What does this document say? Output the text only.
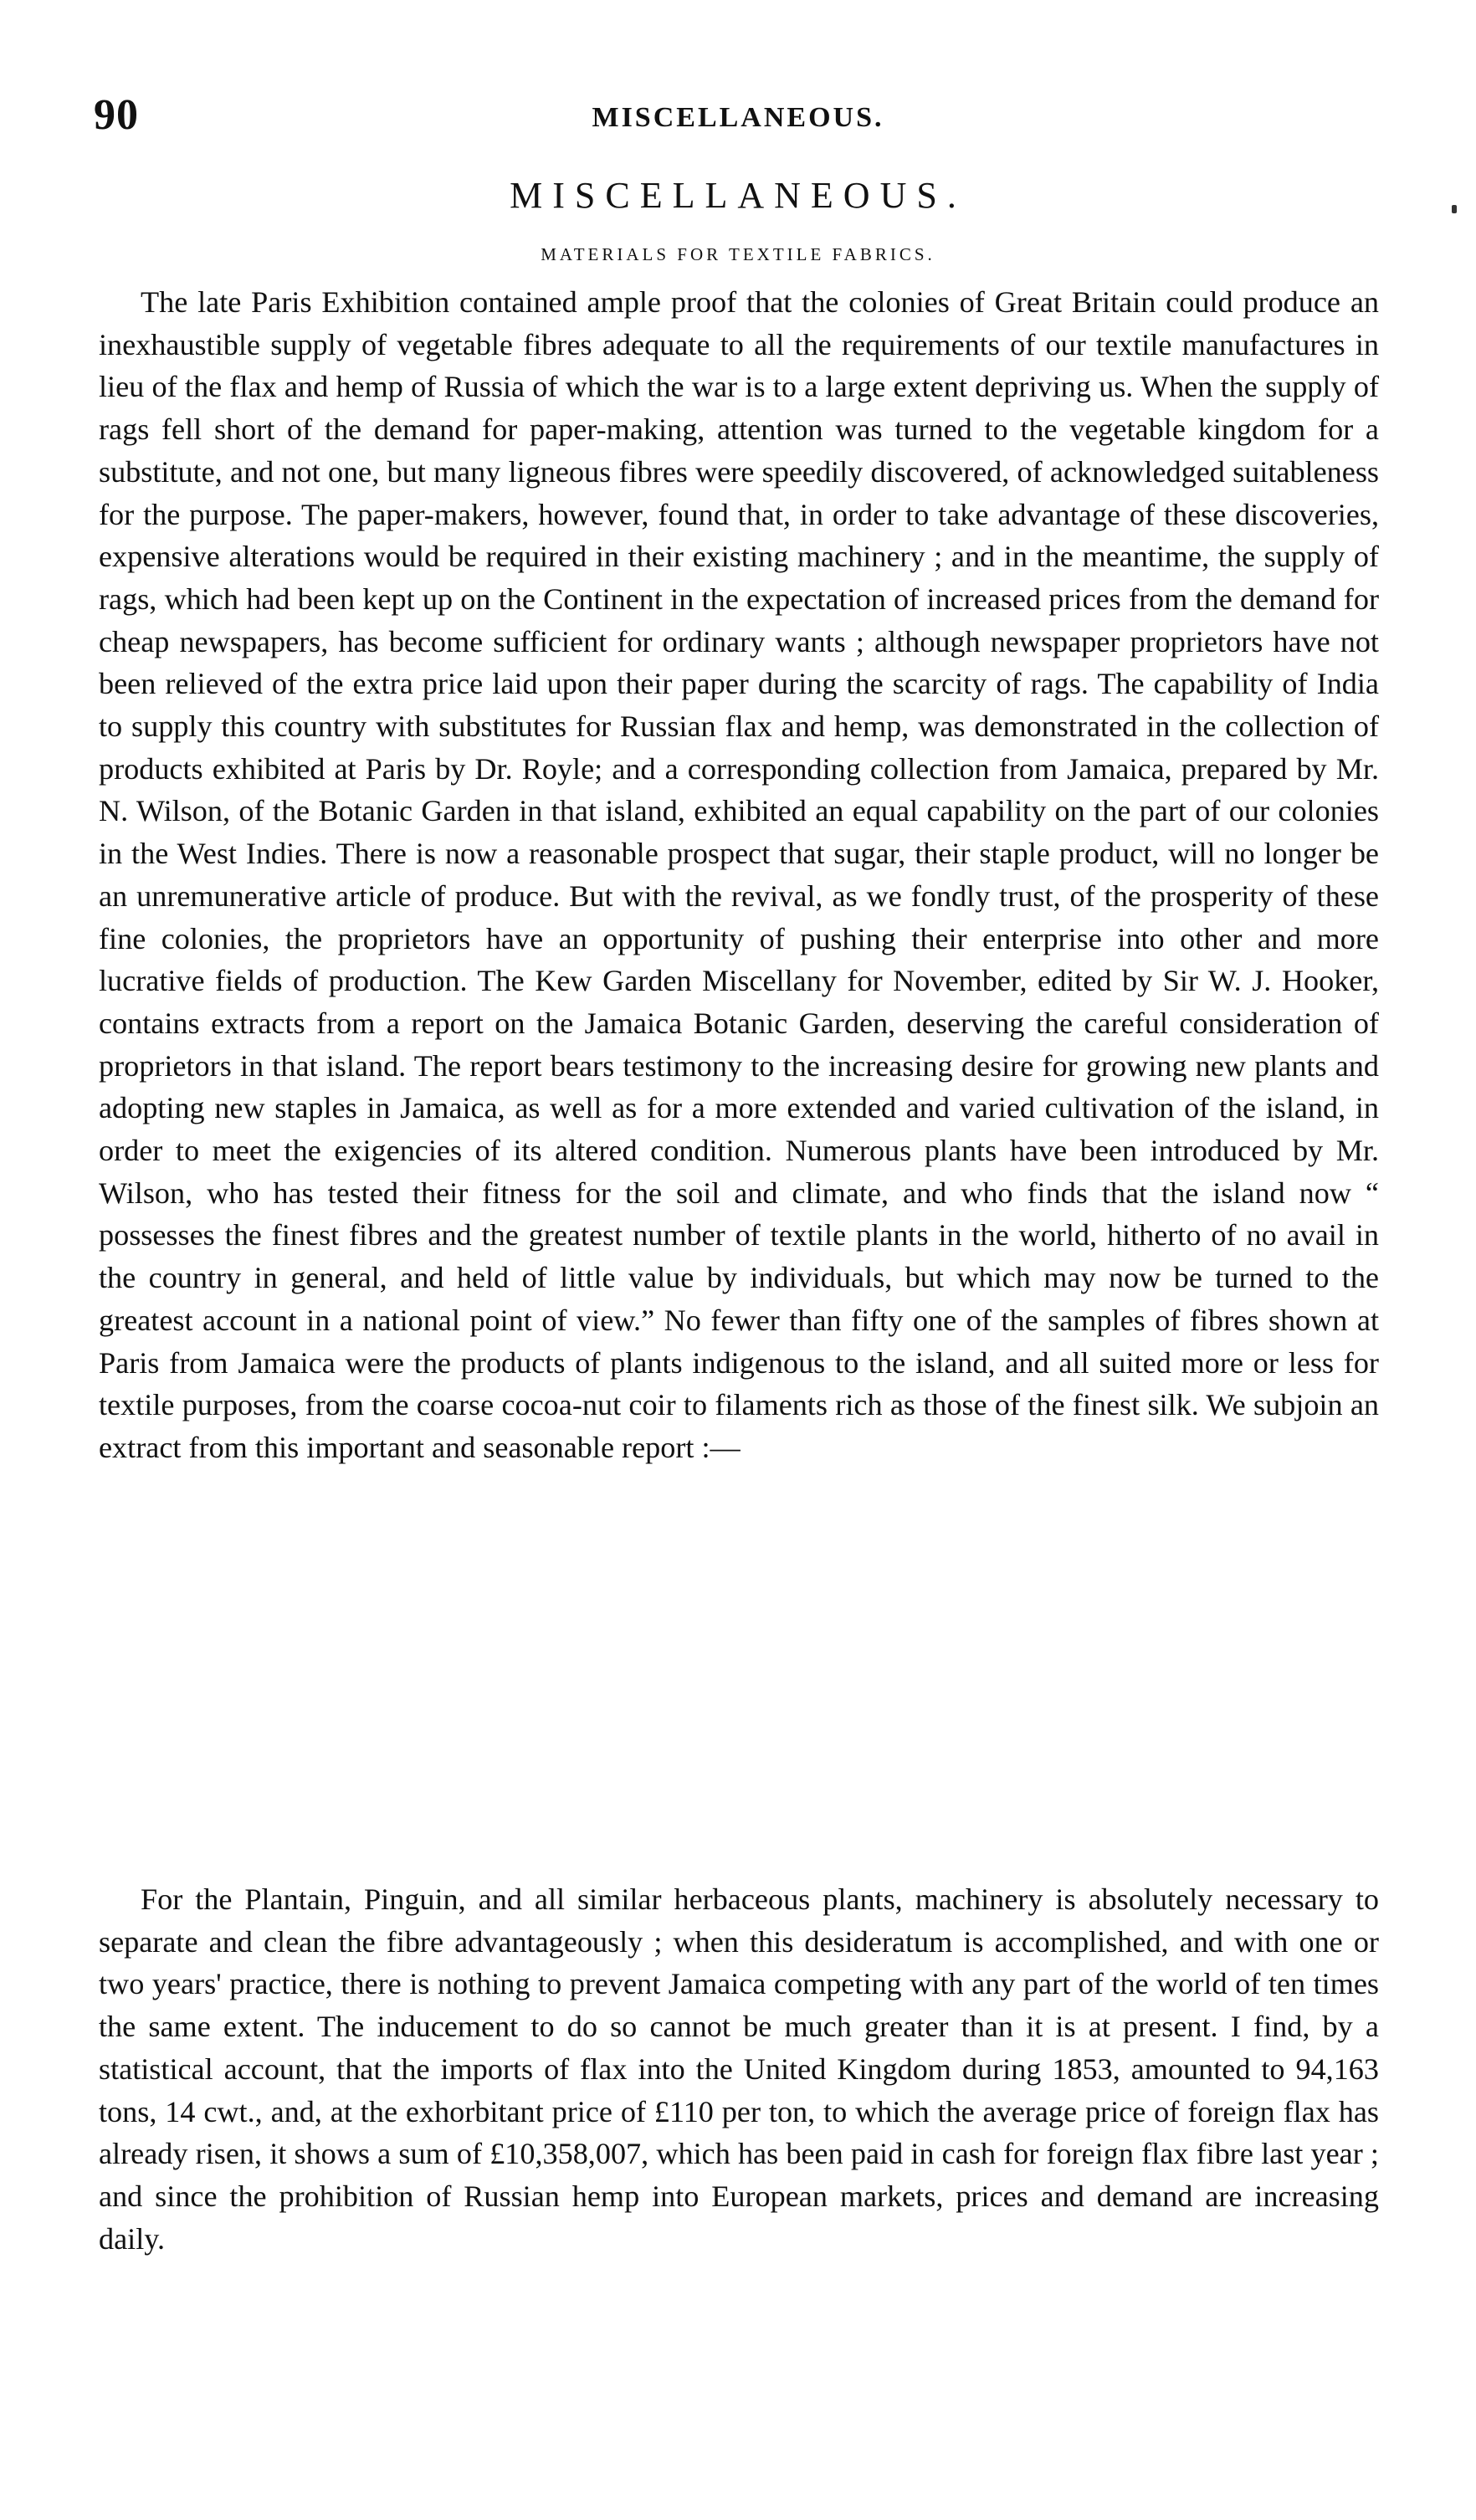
90	MISCELLANEOUS.
MISCELLANEOUS.
MATERIALS FOR TEXTILE FABRICS.

The late Paris Exhibition contained ample proof that the colonies of Great Britain could produce an inexhaustible supply of vegetable fibres adequate to all the requirements of our textile manufactures in lieu of the flax and hemp of Russia of which the war is to a large extent depriving us. When the supply of rags fell short of the demand for paper-making, attention was turned to the vegetable kingdom for a substitute, and not one, but many ligneous fibres were speedily discovered, of acknowledged suitableness for the purpose. The paper-makers, however, found that, in order to take advantage of these discoveries, expensive alterations would be required in their existing machinery ; and in the meantime, the supply of rags, which had been kept up on the Continent in the expectation of increased prices from the demand for cheap newspapers, has become sufficient for ordinary wants ; although newspaper proprietors have not been relieved of the extra price laid upon their paper during the scarcity of rags. The capability of India to supply this country with substitutes for Russian flax and hemp, was demonstrated in the collection of products exhibited at Paris by Dr. Royle; and a corresponding collection from Jamaica, prepared by Mr. N. Wilson, of the Botanic Garden in that island, exhibited an equal capability on the part of our colonies in the West Indies. There is now a reasonable prospect that sugar, their staple product, will no longer be an unremunerative article of produce. But with the revival, as we fondly trust, of the prosperity of these fine colonies, the proprietors have an opportunity of pushing their enterprise into other and more lucrative fields of production. The Kew Garden Miscellany for November, edited by Sir W. J. Hooker, contains extracts from a report on the Jamaica Botanic Garden, deserving the careful consideration of proprietors in that island. The report bears testimony to the increasing desire for growing new plants and adopting new staples in Jamaica, as well as for a more extended and varied cultivation of the island, in order to meet the exigencies of its altered condition. Numerous plants have been introduced by Mr. Wilson, who has tested their fitness for the soil and climate, and who finds that the island now “ possesses the finest fibres and the greatest number of textile plants in the world, hitherto of no avail in the country in general, and held of little value by individuals, but which may now be turned to the greatest account in a national point of view.” No fewer than fifty one of the samples of fibres shown at Paris from Jamaica were the products of plants indigenous to the island, and all suited more or less for textile purposes, from the coarse cocoa-nut coir to filaments rich as those of the finest silk. We subjoin an extract from this important and seasonable report :—

For the Plantain, Pinguin, and all similar herbaceous plants, machinery is absolutely necessary to separate and clean the fibre advantageously ; when this desideratum is accomplished, and with one or two years' practice, there is nothing to prevent Jamaica competing with any part of the world of ten times the same extent. The inducement to do so cannot be much greater than it is at present. I find, by a statistical account, that the imports of flax into the United Kingdom during 1853, amounted to 94,163 tons, 14 cwt., and, at the exhorbitant price of £110 per ton, to which the average price of foreign flax has already risen, it shows a sum of £10,358,007, which has been paid in cash for foreign flax fibre last year ; and since the prohibition of Russian hemp into European markets, prices and demand are increasing daily.
